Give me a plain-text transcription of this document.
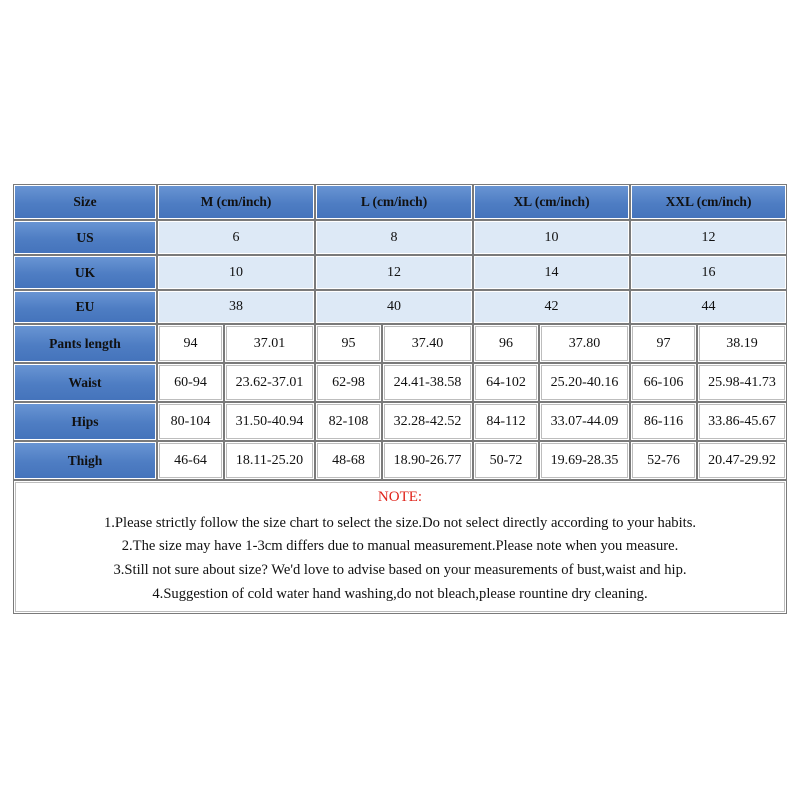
Size	M (cm/inch)	L (cm/inch)	XL (cm/inch)	XXL (cm/inch)
US	6	8	10	12
UK	10	12	14	16
EU	38	40	42	44
Pants length	94	37.01	95	37.40	96	37.80	97	38.19
Waist	60-94	23.62-37.01	62-98	24.41-38.58	64-102	25.20-40.16	66-106	25.98-41.73
Hips	80-104	31.50-40.94	82-108	32.28-42.52	84-112	33.07-44.09	86-116	33.86-45.67
Thigh	46-64	18.11-25.20	48-68	18.90-26.77	50-72	19.69-28.35	52-76	20.47-29.92
NOTE:
1.Please strictly follow the size chart to select the size.Do not select directly according to your habits.
2.The size may have 1-3cm differs due to manual measurement.Please note when you measure.
3.Still not sure about size? We'd love to advise based on your measurements of bust,waist and hip.
4.Suggestion of cold water hand washing,do not bleach,please rountine dry cleaning.
